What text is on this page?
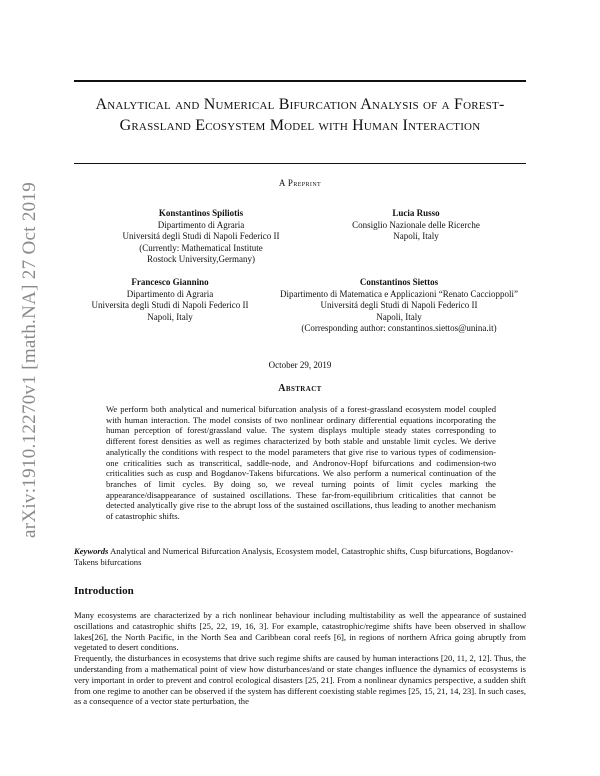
arXiv:1910.12270v1 [math.NA] 27 Oct 2019
Analytical and Numerical Bifurcation Analysis of a Forest-Grassland Ecosystem Model with Human Interaction
A Preprint
Konstantinos Spiliotis
Dipartimento di Agraria
Universitá degli Studi di Napoli Federico II
(Currently: Mathematical Institute
Rostock University,Germany)
Lucia Russo
Consiglio Nazionale delle Ricerche
Napoli, Italy
Francesco Giannino
Dipartimento di Agraria
Universita degli Studi di Napoli Federico II
Napoli, Italy
Constantinos Siettos
Dipartimento di Matematica e Applicazioni “Renato Caccioppoli”
Universitá degli Studi di Napoli Federico II
Napoli, Italy
(Corresponding author: constantinos.siettos@unina.it)
October 29, 2019
Abstract
We perform both analytical and numerical bifurcation analysis of a forest-grassland ecosystem model coupled with human interaction. The model consists of two nonlinear ordinary differential equations incorporating the human perception of forest/grassland value. The system displays multiple steady states corresponding to different forest densities as well as regimes characterized by both stable and unstable limit cycles. We derive analytically the conditions with respect to the model parameters that give rise to various types of codimension-one criticalities such as transcritical, saddle-node, and Andronov-Hopf bifurcations and codimension-two criticalities such as cusp and Bogdanov-Takens bifurcations. We also perform a numerical continuation of the branches of limit cycles. By doing so, we reveal turning points of limit cycles marking the appearance/disappearance of sustained oscillations. These far-from-equilibrium criticalities that cannot be detected analytically give rise to the abrupt loss of the sustained oscillations, thus leading to another mechanism of catastrophic shifts.
Keywords Analytical and Numerical Bifurcation Analysis, Ecosystem model, Catastrophic shifts, Cusp bifurcations, Bogdanov-Takens bifurcations
Introduction

Many ecosystems are characterized by a rich nonlinear behaviour including multistability as well the appearance of sustained oscillations and catastrophic shifts [25, 22, 19, 16, 3]. For example, catastrophic/regime shifts have been observed in shallow lakes[26], the North Pacific, in the North Sea and Caribbean coral reefs [6], in regions of northern Africa going abruptly from vegetated to desert conditions.

Frequently, the disturbances in ecosystems that drive such regime shifts are caused by human interactions [20, 11, 2, 12]. Thus, the understanding from a mathematical point of view how disturbances/and or state changes influence the dynamics of ecosystems is very important in order to prevent and control ecological disasters [25, 21]. From a nonlinear dynamics perspective, a sudden shift from one regime to another can be observed if the system has different coexisting stable regimes [25, 15, 21, 14, 23]. In such cases, as a consequence of a vector state perturbation, the
